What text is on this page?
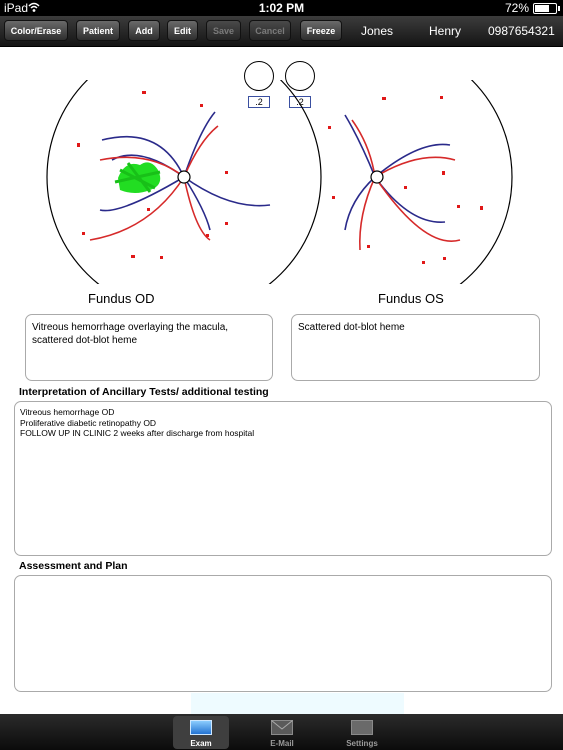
iPad	1:02 PM	72%
Color/Erase	Patient	Add	Edit	Save	Cancel	Freeze	Jones	Henry 0987654321
.2	.2
Fundus OD	Fundus OS
Vitreous hemorrhage overlaying the macula, scattered dot-blot heme
Scattered dot-blot heme
Interpretation of Ancillary Tests/ additional testing
Vitreous hemorrhage OD
Proliferative diabetic retinopathy OD
FOLLOW UP IN CLINIC 2 weeks after discharge from hospital
Assessment and Plan
Exam	E-Mail	Settings
